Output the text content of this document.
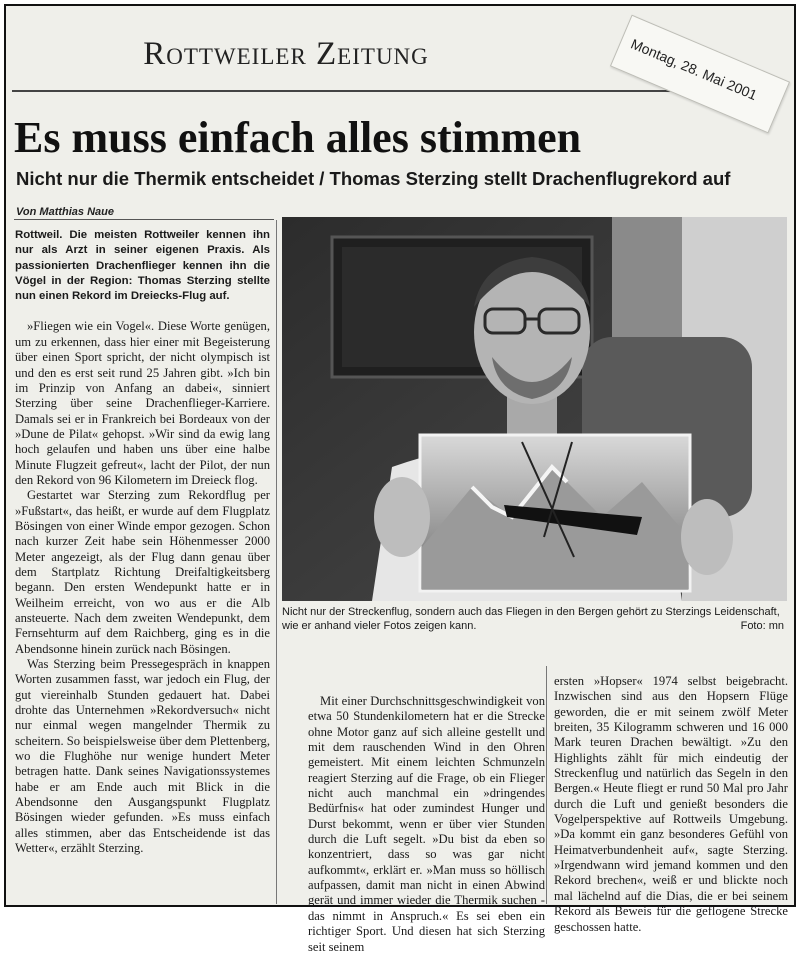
Rottweiler Zeitung	Montag, 28. Mai 2001
Es muss einfach alles stimmen
Nicht nur die Thermik entscheidet / Thomas Sterzing stellt Drachenflugrekord auf
Von Matthias Naue

Rottweil. Die meisten Rottweiler kennen ihn nur als Arzt in seiner eigenen Praxis. Als passionierten Drachenflieger kennen ihn die Vögel in der Region: Thomas Sterzing stellte nun einen Rekord im Dreiecks-Flug auf.

»Fliegen wie ein Vogel«. Diese Worte genügen, um zu erkennen, dass hier einer mit Begeisterung über einen Sport spricht, der nicht olympisch ist und den es erst seit rund 25 Jahren gibt. »Ich bin im Prinzip von Anfang an dabei«, sinniert Sterzing über seine Drachenflieger-Karriere. Damals sei er in Frankreich bei Bordeaux von der »Dune de Pilat« gehopst. »Wir sind da ewig lang hoch gelaufen und haben uns über eine halbe Minute Flugzeit gefreut«, lacht der Pilot, der nun den Rekord von 96 Kilometern im Dreieck flog.

Gestartet war Sterzing zum Rekordflug per »Fußstart«, das heißt, er wurde auf dem Flugplatz Bösingen von einer Winde empor gezogen. Schon nach kurzer Zeit habe sein Höhenmesser 2000 Meter angezeigt, als der Flug dann genau über dem Startplatz Richtung Dreifaltigkeitsberg begann. Den ersten Wendepunkt hatte er in Weilheim erreicht, von wo aus er die Alb ansteuerte. Nach dem zweiten Wendepunkt, dem Fernsehturm auf dem Raichberg, ging es in die Abendsonne hinein zurück nach Bösingen.

Was Sterzing beim Pressegespräch in knappen Worten zusammen fasst, war jedoch ein Flug, der gut viereinhalb Stunden gedauert hat. Dabei drohte das Unternehmen »Rekordversuch« nicht nur einmal wegen mangelnder Thermik zu scheitern. So beispielsweise über dem Plettenberg, wo die Flughöhe nur wenige hundert Meter betragen hatte. Dank seines Navigationssystemes habe er am Ende auch mit Blick in die Abendsonne den Ausgangspunkt Flugplatz Bösingen wieder gefunden. »Es muss einfach alles stimmen, aber das Entscheidende ist das Wetter«, erzählt Sterzing.

Nicht nur der Streckenflug, sondern auch das Fliegen in den Bergen gehört zu Sterzings Leidenschaft, wie er anhand vieler Fotos zeigen kann.	Foto: mn

Mit einer Durchschnittsgeschwindigkeit von etwa 50 Stundenkilometern hat er die Strecke ohne Motor ganz auf sich alleine gestellt und mit dem rauschenden Wind in den Ohren gemeistert. Mit einem leichten Schmunzeln reagiert Sterzing auf die Frage, ob ein Flieger nicht auch manchmal ein »dringendes Bedürfnis« hat oder zumindest Hunger und Durst bekommt, wenn er über vier Stunden durch die Luft segelt. »Du bist da eben so konzentriert, dass so was gar nicht aufkommt«, erklärt er. »Man muss so höllisch aufpassen, damit man nicht in einen Abwind gerät und immer wieder die Thermik suchen - das nimmt in Anspruch.« Es sei eben ein richtiger Sport. Und diesen hat sich Sterzing seit seinem

ersten »Hopser« 1974 selbst beigebracht. Inzwischen sind aus den Hopsern Flüge geworden, die er mit seinem zwölf Meter breiten, 35 Kilogramm schweren und 16 000 Mark teuren Drachen bewältigt. »Zu den Highlights zählt für mich eindeutig der Streckenflug und natürlich das Segeln in den Bergen.« Heute fliegt er rund 50 Mal pro Jahr durch die Luft und genießt besonders die Vogelperspektive auf Rottweils Umgebung. »Da kommt ein ganz besonderes Gefühl von Heimatverbundenheit auf«, sagte Sterzing. »Irgendwann wird jemand kommen und den Rekord brechen«, weiß er und blickte noch mal lächelnd auf die Dias, die er bei seinem Rekord als Beweis für die geflogene Strecke geschossen hatte.
